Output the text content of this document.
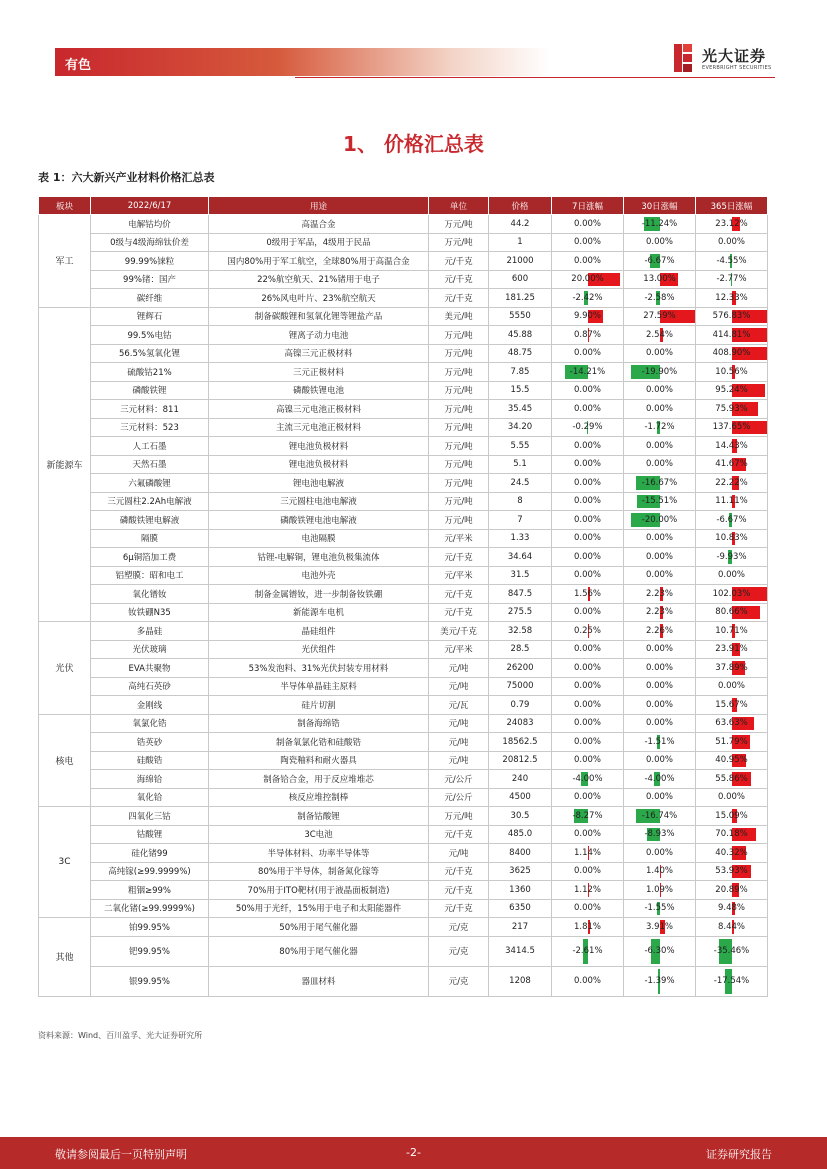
有色
光大证券
EVERBRIGHT SECURITIES
1、 价格汇总表
表 1：六大新兴产业材料价格汇总表
板块	2022/6/17	用途	单位	价格	7日涨幅	30日涨幅	365日涨幅
军工	电解钴均价	高温合金	万元/吨	44.2	0.00%	-11.24%	23.12%
	0级与4级海绵钛价差	0级用于军品，4级用于民品	万元/吨	1	0.00%	0.00%	0.00%
	99.99%铼粒	国内80%用于军工航空，全球80%用于高温合金	元/千克	21000	0.00%	-6.67%	-4.55%
	99%锗：国产	22%航空航天、21%锗用于电子	元/千克	600	20.00%	13.00%	-2.77%
	碳纤维	26%风电叶片、23%航空航天	元/千克	181.25	-2.42%	-2.58%	12.33%
新能源车	锂辉石	制备碳酸锂和氢氧化锂等锂盐产品	美元/吨	5550	9.90%	27.59%	576.83%
	99.5%电钴	锂离子动力电池	万元/吨	45.88	0.87%	2.54%	414.81%
	56.5%氢氧化锂	高镍三元正极材料	万元/吨	48.75	0.00%	0.00%	408.90%
	硫酸钴21%	三元正极材料	万元/吨	7.85	-14.21%	-19.90%	10.56%
	磷酸铁锂	磷酸铁锂电池	万元/吨	15.5	0.00%	0.00%	95.24%
	三元材料：811	高镍三元电池正极材料	万元/吨	35.45	0.00%	0.00%	75.93%
	三元材料：523	主流三元电池正极材料	万元/吨	34.20	-0.29%	-1.72%	137.65%
	人工石墨	锂电池负极材料	万元/吨	5.55	0.00%	0.00%	14.43%
	天然石墨	锂电池负极材料	万元/吨	5.1	0.00%	0.00%	41.67%
	六氟磷酸锂	锂电池电解液	万元/吨	24.5	0.00%	-16.67%	22.22%
	三元圆柱2.2Ah电解液	三元圆柱电池电解液	万元/吨	8	0.00%	-15.51%	11.11%
	磷酸铁锂电解液	磷酸铁锂电池电解液	万元/吨	7	0.00%	-20.00%	-6.67%
	隔膜	电池隔膜	元/平米	1.33	0.00%	0.00%	10.83%
	6μ铜箔加工费	钴锂-电解铜，锂电池负极集流体	元/千克	34.64	0.00%	0.00%	-9.93%
	铝塑膜：昭和电工	电池外壳	元/平米	31.5	0.00%	0.00%	0.00%
	氧化镨钕	制备金属镨钕，进一步制备钕铁硼	元/千克	847.5	1.56%	2.23%	102.03%
	钕铁硼N35	新能源车电机	元/千克	275.5	0.00%	2.23%	80.66%
光伏	多晶硅	晶硅组件	美元/千克	32.58	0.25%	2.26%	10.71%
	光伏玻璃	光伏组件	元/平米	28.5	0.00%	0.00%	23.91%
	EVA共聚物	53%发泡料、31%光伏封装专用材料	元/吨	26200	0.00%	0.00%	37.89%
	高纯石英砂	半导体单晶硅主原料	元/吨	75000	0.00%	0.00%	0.00%
	金刚线	硅片切割	元/瓦	0.79	0.00%	0.00%	15.67%
核电	氧氯化锆	制备海绵锆	元/吨	24083	0.00%	0.00%	63.63%
	锆英砂	制备氧氯化锆和硅酸锆	元/吨	18562.5	0.00%	-1.51%	51.79%
	硅酸锆	陶瓷釉料和耐火器具	元/吨	20812.5	0.00%	0.00%	40.95%
	海绵铪	制备铪合金，用于反应堆堆芯	元/公斤	240	-4.00%	-4.00%	55.86%
	氧化铪	核反应堆控制棒	元/公斤	4500	0.00%	0.00%	0.00%
3C	四氧化三钴	制备钴酸锂	万元/吨	30.5	-8.27%	-16.74%	15.09%
	钴酸锂	3C电池	元/千克	485.0	0.00%	-8.93%	70.18%
	硅化锗99	半导体材料、功率半导体等	元/吨	8400	1.14%	0.00%	40.32%
	高纯镓(≥99.9999%)	80%用于半导体，制备氮化镓等	元/千克	3625	0.00%	1.40%	53.93%
	粗铟≥99%	70%用于ITO靶材(用于液晶面板制造)	元/千克	1360	1.12%	1.09%	20.89%
	二氧化锗(≥99.9999%)	50%用于光纤，15%用于电子和太阳能器件	元/千克	6350	0.00%	-1.55%	9.48%
其他	铂99.95%	50%用于尾气催化器	元/克	217	1.81%	3.91%	8.44%
	钯99.95%	80%用于尾气催化器	元/克	3414.5	-2.61%	-6.30%	-35.46%
	银99.95%	器皿材料	元/克	1208	0.00%	-1.39%	-17.54%
资料来源：Wind、百川盈孚、光大证券研究所
敬请参阅最后一页特别声明	-2-	证券研究报告
